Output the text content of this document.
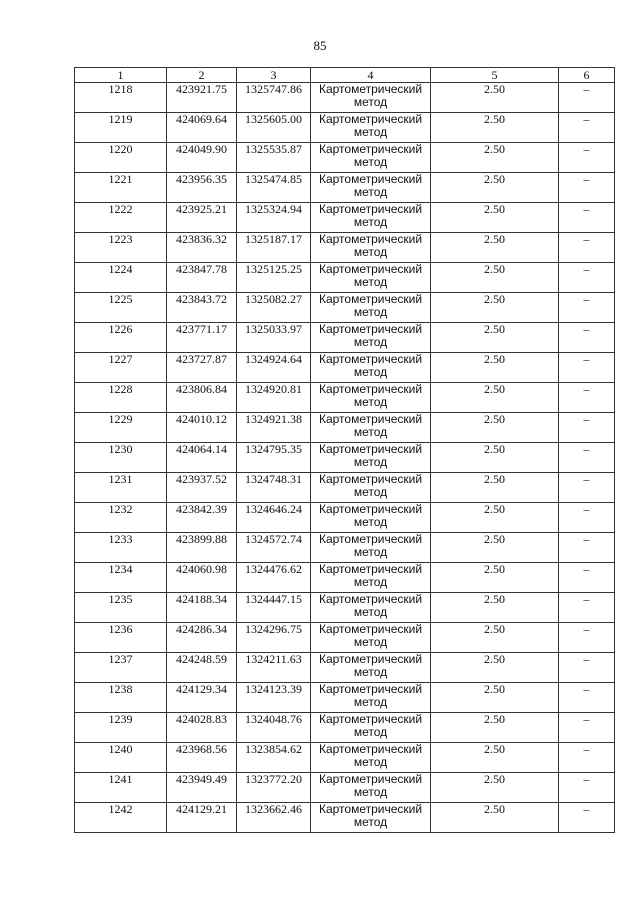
85
1	2	3	4	5	6
1218	423921.75	1325747.86	Картометрический метод	2.50	–
1219	424069.64	1325605.00	Картометрический метод	2.50	–
1220	424049.90	1325535.87	Картометрический метод	2.50	–
1221	423956.35	1325474.85	Картометрический метод	2.50	–
1222	423925.21	1325324.94	Картометрический метод	2.50	–
1223	423836.32	1325187.17	Картометрический метод	2.50	–
1224	423847.78	1325125.25	Картометрический метод	2.50	–
1225	423843.72	1325082.27	Картометрический метод	2.50	–
1226	423771.17	1325033.97	Картометрический метод	2.50	–
1227	423727.87	1324924.64	Картометрический метод	2.50	–
1228	423806.84	1324920.81	Картометрический метод	2.50	–
1229	424010.12	1324921.38	Картометрический метод	2.50	–
1230	424064.14	1324795.35	Картометрический метод	2.50	–
1231	423937.52	1324748.31	Картометрический метод	2.50	–
1232	423842.39	1324646.24	Картометрический метод	2.50	–
1233	423899.88	1324572.74	Картометрический метод	2.50	–
1234	424060.98	1324476.62	Картометрический метод	2.50	–
1235	424188.34	1324447.15	Картометрический метод	2.50	–
1236	424286.34	1324296.75	Картометрический метод	2.50	–
1237	424248.59	1324211.63	Картометрический метод	2.50	–
1238	424129.34	1324123.39	Картометрический метод	2.50	–
1239	424028.83	1324048.76	Картометрический метод	2.50	–
1240	423968.56	1323854.62	Картометрический метод	2.50	–
1241	423949.49	1323772.20	Картометрический метод	2.50	–
1242	424129.21	1323662.46	Картометрический метод	2.50	–
